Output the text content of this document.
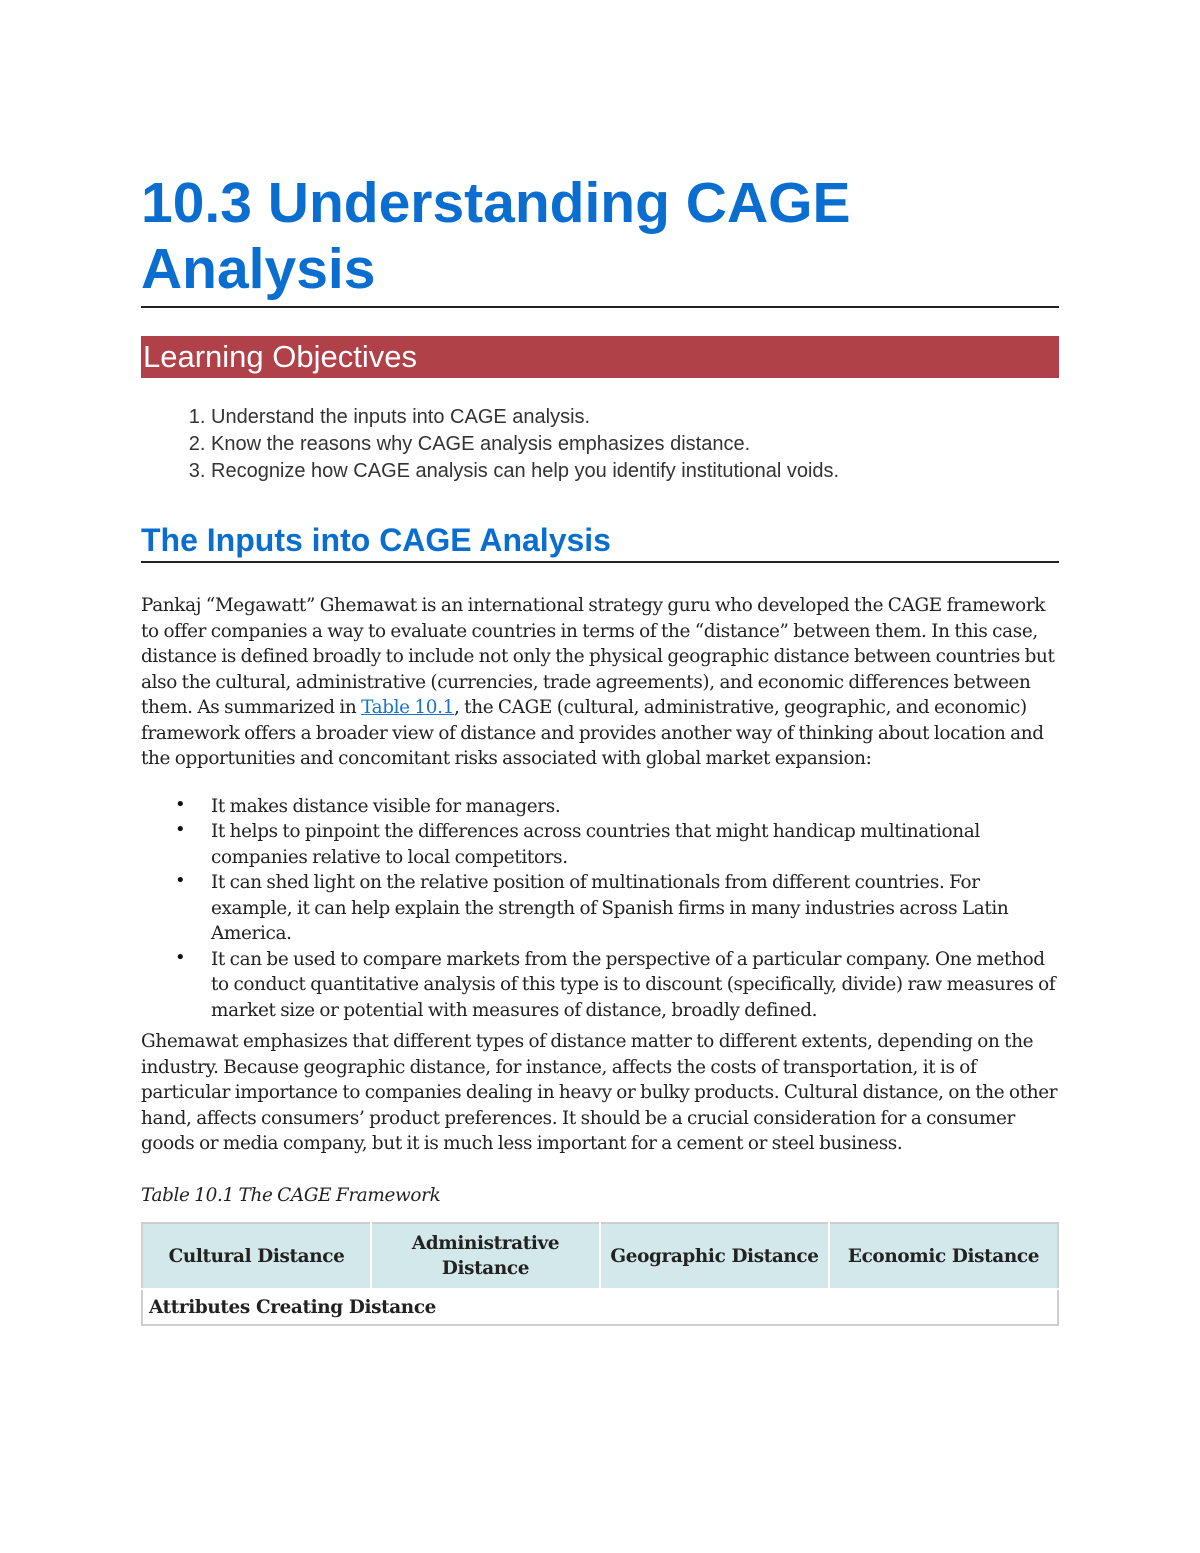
10.3 Understanding CAGE Analysis
Learning Objectives
1. Understand the inputs into CAGE analysis.
2. Know the reasons why CAGE analysis emphasizes distance.
3. Recognize how CAGE analysis can help you identify institutional voids.
The Inputs into CAGE Analysis

Pankaj “Megawatt” Ghemawat is an international strategy guru who developed the CAGE framework to offer companies a way to evaluate countries in terms of the “distance” between them. In this case, distance is defined broadly to include not only the physical geographic distance between countries but also the cultural, administrative (currencies, trade agreements), and economic differences between them. As summarized in Table 10.1, the CAGE (cultural, administrative, geographic, and economic) framework offers a broader view of distance and provides another way of thinking about location and the opportunities and concomitant risks associated with global market expansion:

• It makes distance visible for managers.
• It helps to pinpoint the differences across countries that might handicap multinational companies relative to local competitors.
• It can shed light on the relative position of multinationals from different countries. For example, it can help explain the strength of Spanish firms in many industries across Latin America.
• It can be used to compare markets from the perspective of a particular company. One method to conduct quantitative analysis of this type is to discount (specifically, divide) raw measures of market size or potential with measures of distance, broadly defined.

Ghemawat emphasizes that different types of distance matter to different extents, depending on the industry. Because geographic distance, for instance, affects the costs of transportation, it is of particular importance to companies dealing in heavy or bulky products. Cultural distance, on the other hand, affects consumers’ product preferences. It should be a crucial consideration for a consumer goods or media company, but it is much less important for a cement or steel business.

Table 10.1 The CAGE Framework

Cultural Distance	Administrative Distance	Geographic Distance	Economic Distance
Attributes Creating Distance
